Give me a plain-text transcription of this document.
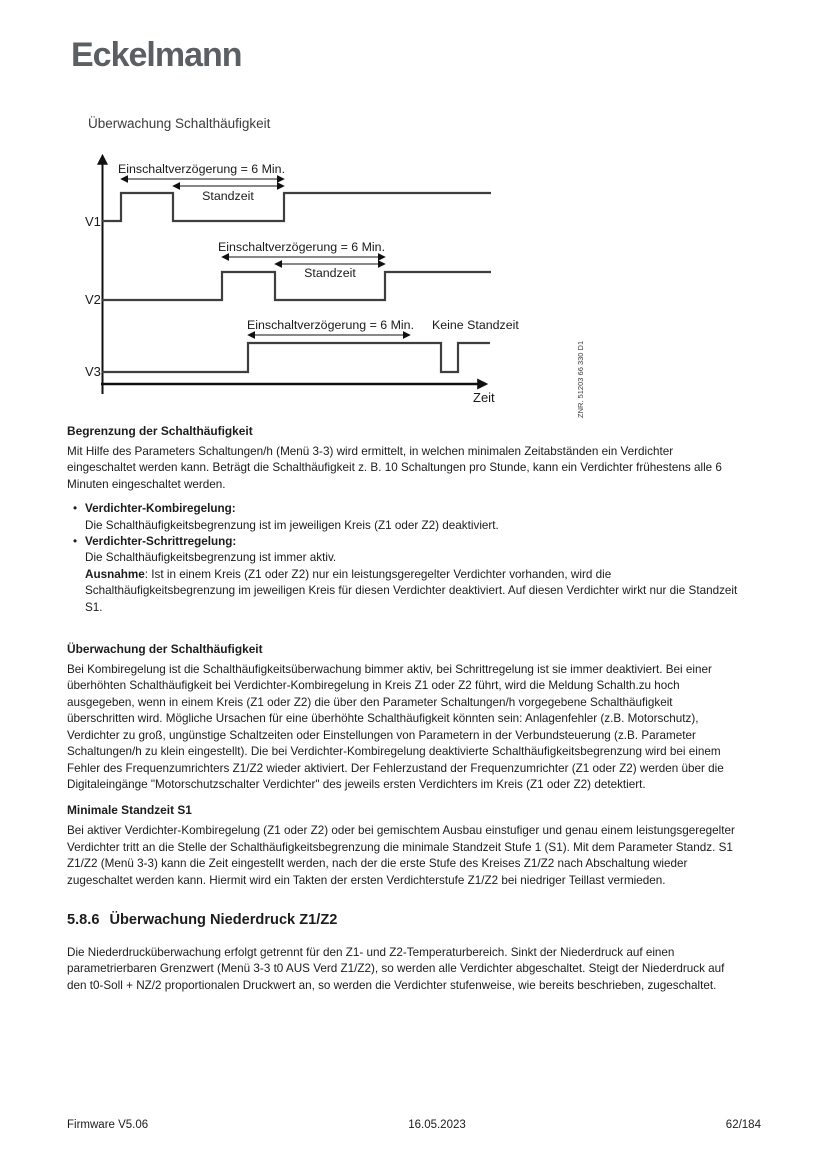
Eckelmann
Überwachung Schalthäufigkeit
Zeit
V1
Einschaltverzögerung = 6 Min.
Standzeit
V2
Einschaltverzögerung = 6 Min.
Standzeit
V3
Einschaltverzögerung = 6 Min. Keine Standzeit
ZNR. 51203 66 330 D1
Begrenzung der Schalthäufigkeit

Mit Hilfe des Parameters Schaltungen/h (Menü 3-3) wird ermittelt, in welchen minimalen Zeitabständen ein Verdichter eingeschaltet werden kann. Beträgt die Schalthäufigkeit z. B. 10 Schaltungen pro Stunde, kann ein Verdichter frühestens alle 6 Minuten eingeschaltet werden.

• Verdichter-Kombiregelung:
Die Schalthäufigkeitsbegrenzung ist im jeweiligen Kreis (Z1 oder Z2) deaktiviert.
• Verdichter-Schrittregelung:
Die Schalthäufigkeitsbegrenzung ist immer aktiv.
Ausnahme: Ist in einem Kreis (Z1 oder Z2) nur ein leistungsgeregelter Verdichter vorhanden, wird die Schalthäufigkeitsbegrenzung im jeweiligen Kreis für diesen Verdichter deaktiviert. Auf diesen Verdichter wirkt nur die Standzeit S1.
Überwachung der Schalthäufigkeit

Bei Kombiregelung ist die Schalthäufigkeitsüberwachung bimmer aktiv, bei Schrittregelung ist sie immer deaktiviert. Bei einer überhöhten Schalthäufigkeit bei Verdichter-Kombiregelung in Kreis Z1 oder Z2 führt, wird die Meldung Schalth.zu hoch ausgegeben, wenn in einem Kreis (Z1 oder Z2) die über den Parameter Schaltungen/h vorgegebene Schalthäufigkeit überschritten wird. Mögliche Ursachen für eine überhöhte Schalthäufigkeit könnten sein: Anlagenfehler (z.B. Motorschutz), Verdichter zu groß, ungünstige Schaltzeiten oder Einstellungen von Parametern in der Verbundsteuerung (z.B. Parameter Schaltungen/h zu klein eingestellt). Die bei Verdichter-Kombiregelung deaktivierte Schalthäufigkeitsbegrenzung wird bei einem Fehler des Frequenzumrichters Z1/Z2 wieder aktiviert. Der Fehlerzustand der Frequenzumrichter (Z1 oder Z2) werden über die Digitaleingänge "Motorschutzschalter Verdichter" des jeweils ersten Verdichters im Kreis (Z1 oder Z2) detektiert.

Minimale Standzeit S1

Bei aktiver Verdichter-Kombiregelung (Z1 oder Z2) oder bei gemischtem Ausbau einstufiger und genau einem leistungsgeregelter Verdichter tritt an die Stelle der Schalthäufigkeitsbegrenzung die minimale Standzeit Stufe 1 (S1). Mit dem Parameter Standz. S1 Z1/Z2 (Menü 3-3) kann die Zeit eingestellt werden, nach der die erste Stufe des Kreises Z1/Z2 nach Abschaltung wieder zugeschaltet werden kann. Hiermit wird ein Takten der ersten Verdichterstufe Z1/Z2 bei niedriger Teillast vermieden.

5.8.6 Überwachung Niederdruck Z1/Z2

Die Niederdrucküberwachung erfolgt getrennt für den Z1- und Z2-Temperaturbereich. Sinkt der Niederdruck auf einen parametrierbaren Grenzwert (Menü 3-3 t0 AUS Verd Z1/Z2), so werden alle Verdichter abgeschaltet. Steigt der Niederdruck auf den t0-Soll + NZ/2 proportionalen Druckwert an, so werden die Verdichter stufenweise, wie bereits beschrieben, zugeschaltet.

Firmware V5.06	16.05.2023	62/184
